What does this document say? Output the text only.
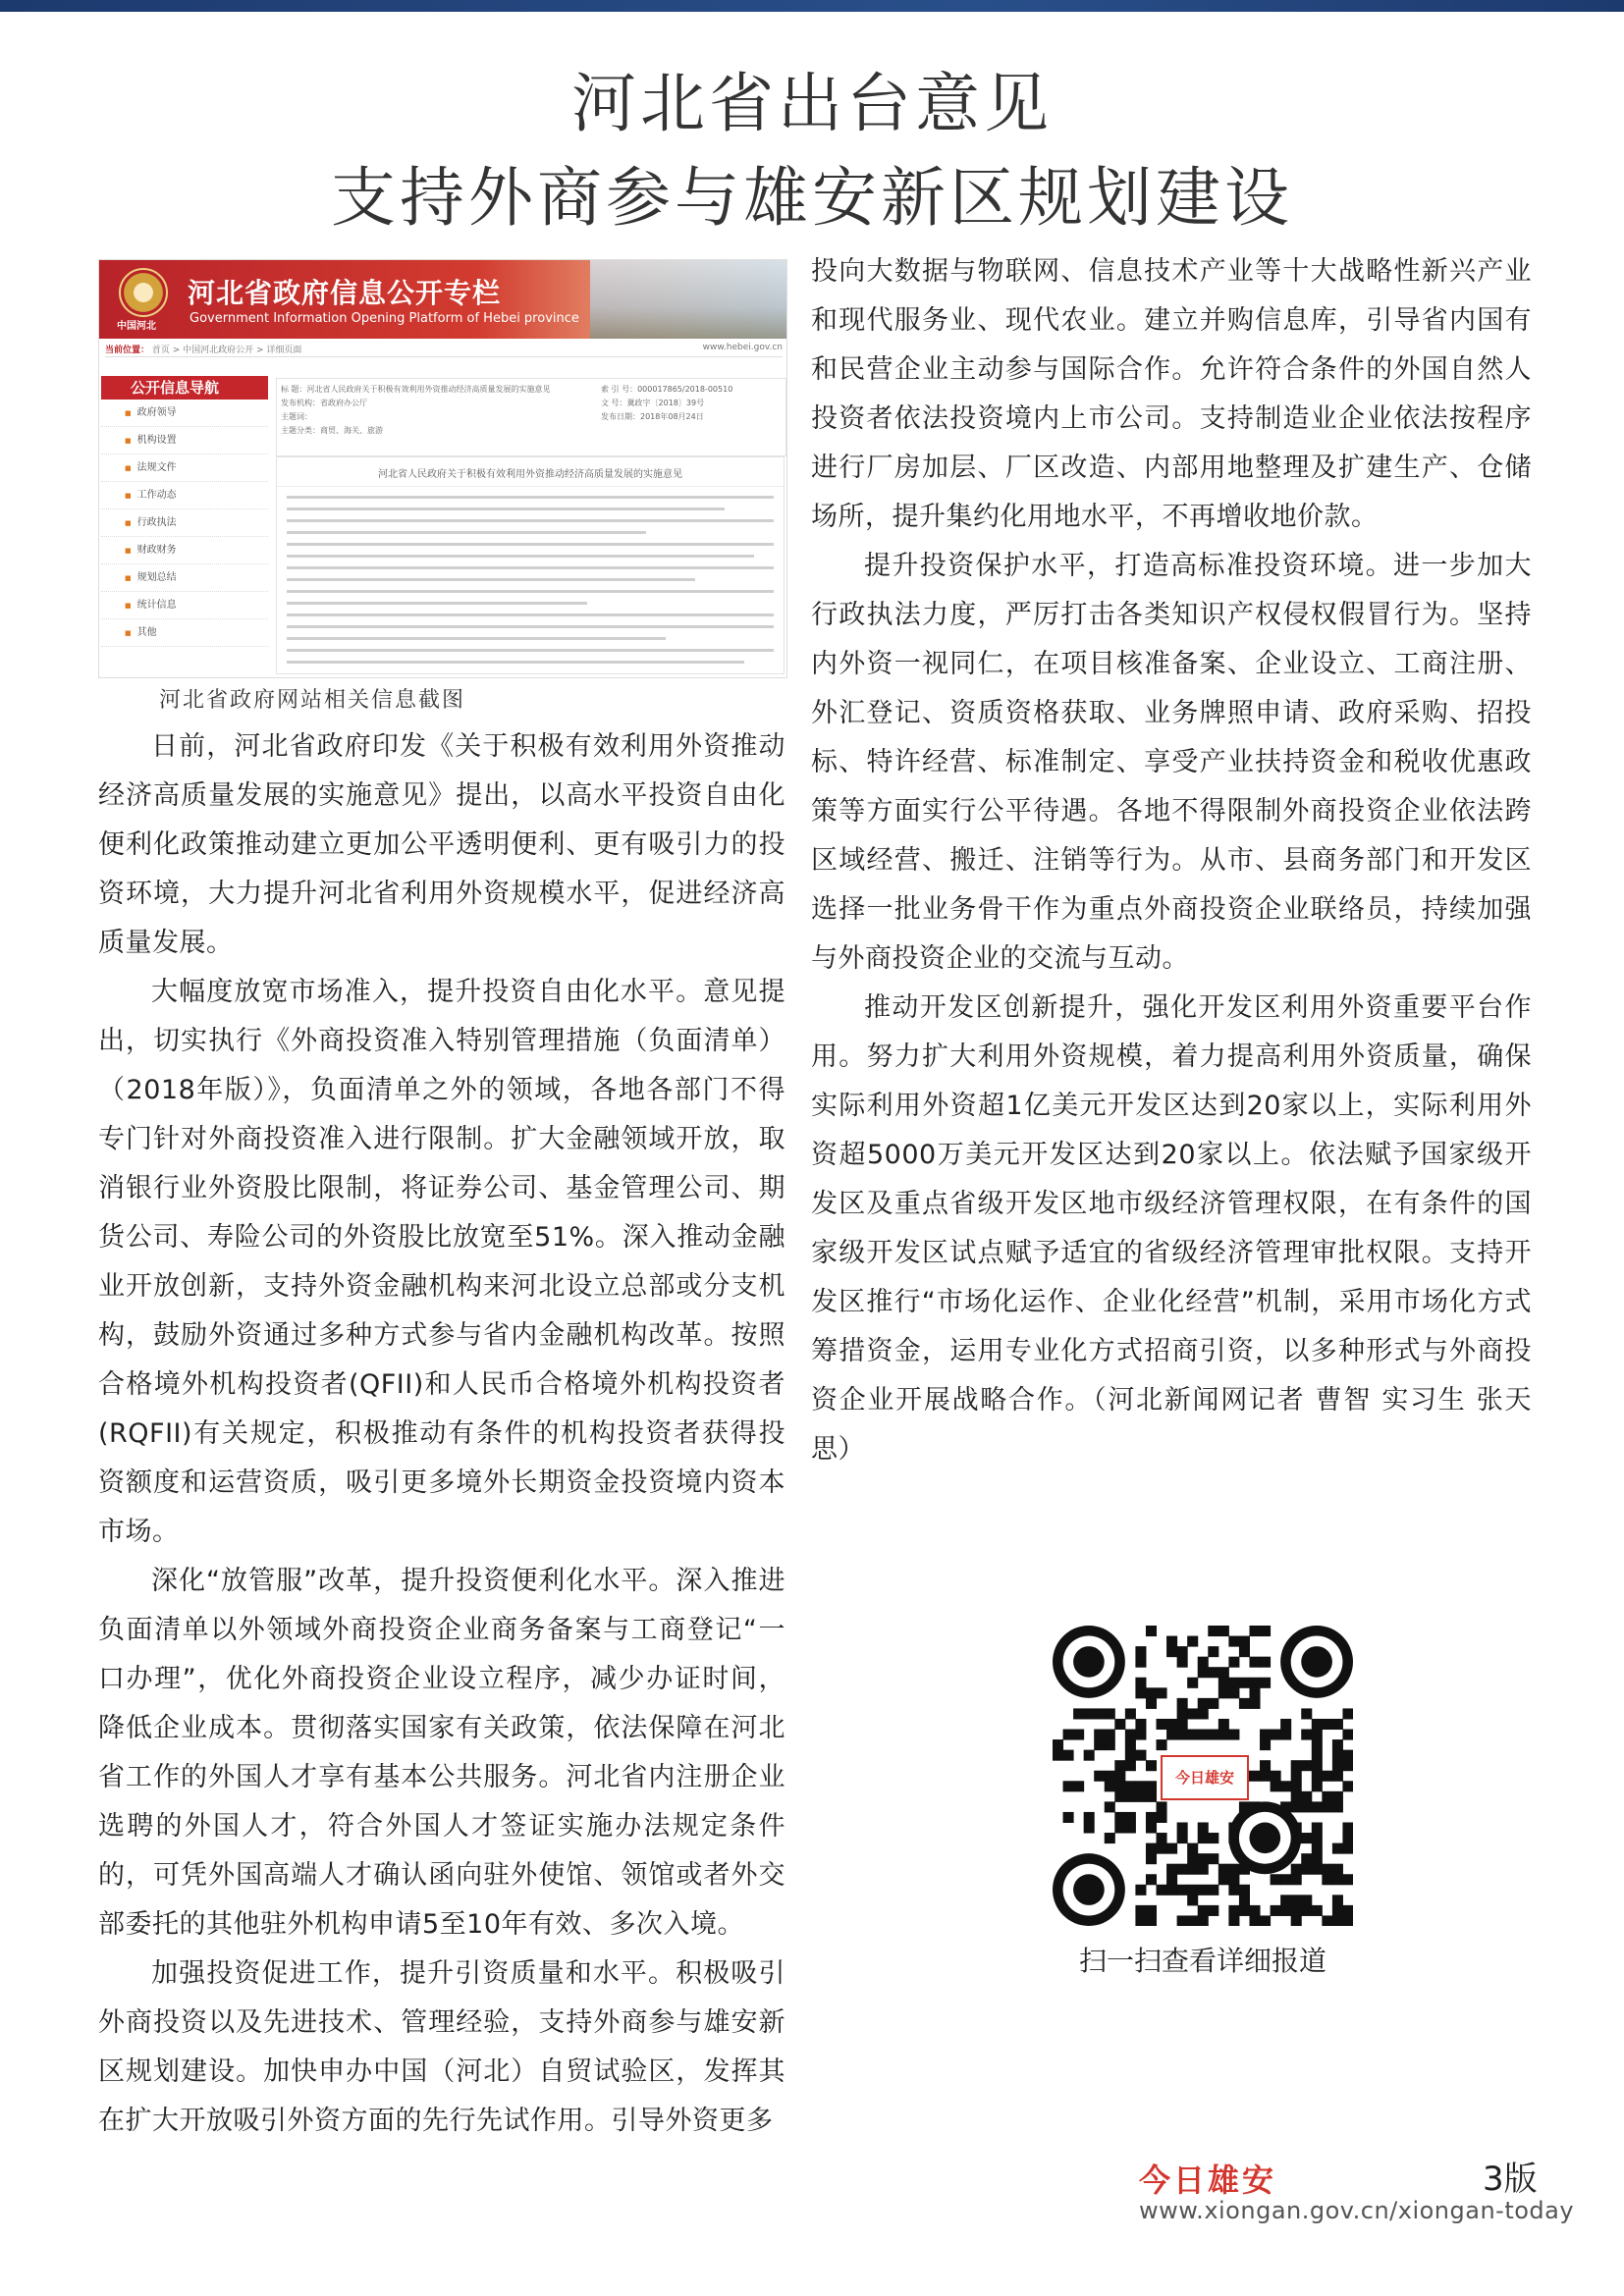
河北省出台意见
支持外商参与雄安新区规划建设
中国河北
河北省政府信息公开专栏
Government Information Opening Platform of Hebei province
当前位置： 首页 > 中国河北政府公开 > 详细页面	www.hebei.gov.cn
公开信息导航
■ 政府领导
■ 机构设置
■ 法规文件
■ 工作动态
■ 行政执法
■ 财政财务
■ 规划总结
■ 统计信息
■ 其他
标 题：河北省人民政府关于积极有效利用外资推动经济高质量发展的实施意见
发布机构：省政府办公厅
主题词：
主题分类：商贸、海关、旅游
索 引 号：000017865/2018-00510
文 号：冀政字〔2018〕39号
发布日期：2018年08月24日
河北省人民政府关于积极有效利用外资推动经济高质量发展的实施意见
河北省政府网站相关信息截图

日前，河北省政府印发《关于积极有效利用外资推动经济高质量发展的实施意见》提出，以高水平投资自由化便利化政策推动建立更加公平透明便利、更有吸引力的投资环境，大力提升河北省利用外资规模水平，促进经济高质量发展。

大幅度放宽市场准入，提升投资自由化水平。意见提出，切实执行《外商投资准入特别管理措施（负面清单）（2018年版）》，负面清单之外的领域，各地各部门不得专门针对外商投资准入进行限制。扩大金融领域开放，取消银行业外资股比限制，将证券公司、基金管理公司、期货公司、寿险公司的外资股比放宽至51%。深入推动金融业开放创新，支持外资金融机构来河北设立总部或分支机构，鼓励外资通过多种方式参与省内金融机构改革。按照合格境外机构投资者(QFII)和人民币合格境外机构投资者(RQFII)有关规定，积极推动有条件的机构投资者获得投资额度和运营资质，吸引更多境外长期资金投资境内资本市场。

深化“放管服”改革，提升投资便利化水平。深入推进负面清单以外领域外商投资企业商务备案与工商登记“一口办理”，优化外商投资企业设立程序，减少办证时间，降低企业成本。贯彻落实国家有关政策，依法保障在河北省工作的外国人才享有基本公共服务。河北省内注册企业选聘的外国人才，符合外国人才签证实施办法规定条件的，可凭外国高端人才确认函向驻外使馆、领馆或者外交部委托的其他驻外机构申请5至10年有效、多次入境。

加强投资促进工作，提升引资质量和水平。积极吸引外商投资以及先进技术、管理经验，支持外商参与雄安新区规划建设。加快申办中国（河北）自贸试验区，发挥其在扩大开放吸引外资方面的先行先试作用。引导外资更多

投向大数据与物联网、信息技术产业等十大战略性新兴产业和现代服务业、现代农业。建立并购信息库，引导省内国有和民营企业主动参与国际合作。允许符合条件的外国自然人投资者依法投资境内上市公司。支持制造业企业依法按程序进行厂房加层、厂区改造、内部用地整理及扩建生产、仓储场所，提升集约化用地水平，不再增收地价款。

提升投资保护水平，打造高标准投资环境。进一步加大行政执法力度，严厉打击各类知识产权侵权假冒行为。坚持内外资一视同仁，在项目核准备案、企业设立、工商注册、外汇登记、资质资格获取、业务牌照申请、政府采购、招投标、特许经营、标准制定、享受产业扶持资金和税收优惠政策等方面实行公平待遇。各地不得限制外商投资企业依法跨区域经营、搬迁、注销等行为。从市、县商务部门和开发区选择一批业务骨干作为重点外商投资企业联络员，持续加强与外商投资企业的交流与互动。

推动开发区创新提升，强化开发区利用外资重要平台作用。努力扩大利用外资规模，着力提高利用外资质量，确保实际利用外资超1亿美元开发区达到20家以上，实际利用外资超5000万美元开发区达到20家以上。依法赋予国家级开发区及重点省级开发区地市级经济管理权限，在有条件的国家级开发区试点赋予适宜的省级经济管理审批权限。支持开发区推行“市场化运作、企业化经营”机制，采用市场化方式筹措资金，运用专业化方式招商引资，以多种形式与外商投资企业开展战略合作。（河北新闻网记者 曹智 实习生 张天思）

今日雄安
扫一扫查看详细报道
今日雄安	3版
www.xiongan.gov.cn/xiongan-today
